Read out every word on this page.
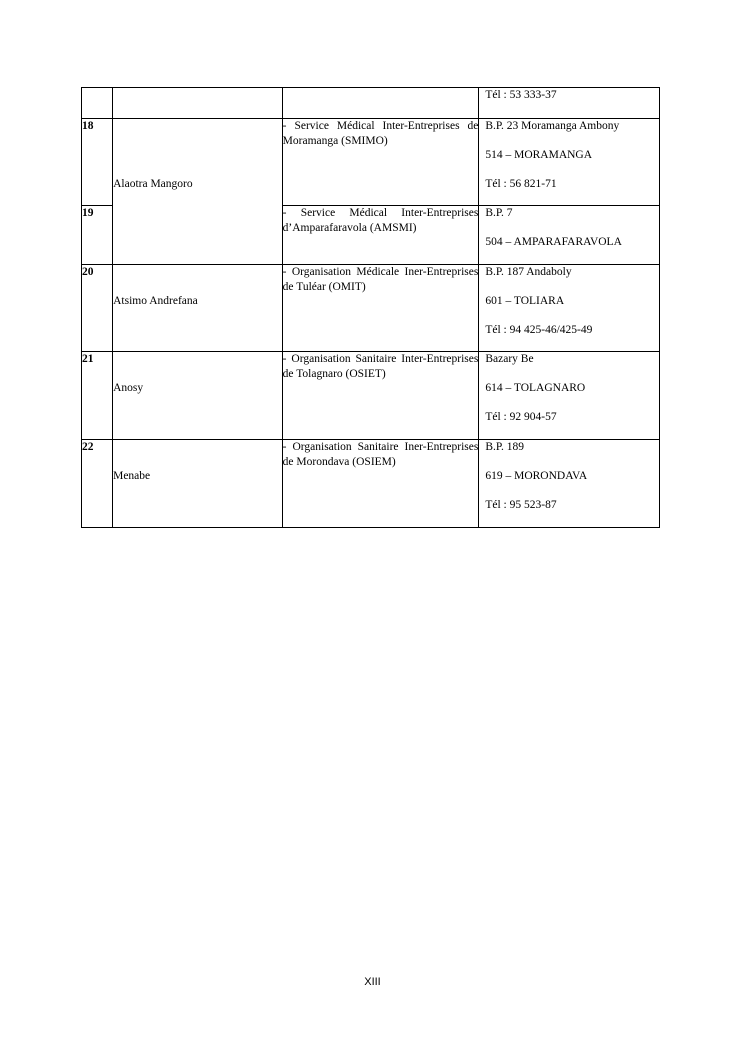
			Tél : 53 333-37

18	Alaotra Mangoro	- Service Médical Inter-Entreprises de Moramanga (SMIMO)	B.P. 23 Moramanga Ambony

514 – MORAMANGA

Tél : 56 821-71

19		- Service Médical Inter-Entreprises d’Amparafaravola (AMSMI)	B.P. 7

504 – AMPARAFARAVOLA

20	Atsimo Andrefana	- Organisation Médicale Iner-Entreprises de Tuléar (OMIT)	B.P. 187 Andaboly

601 – TOLIARA

Tél : 94 425-46/425-49

21	Anosy	- Organisation Sanitaire Inter-Entreprises de Tolagnaro (OSIET)	Bazary Be

614 – TOLAGNARO

Tél : 92 904-57

22	Menabe	- Organisation Sanitaire Iner-Entreprises de Morondava (OSIEM)	B.P. 189

619 – MORONDAVA

Tél : 95 523-87

XIII
